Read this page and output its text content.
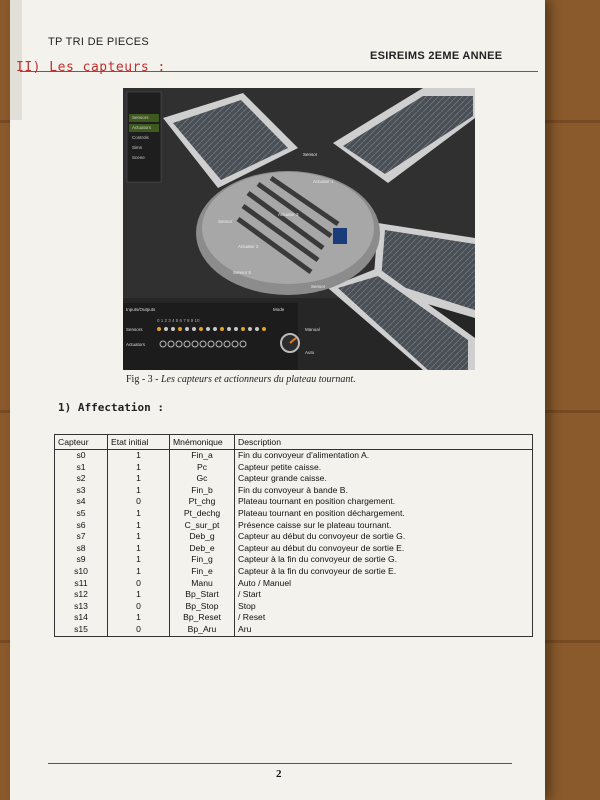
TP TRI DE PIECES
ESIREIMS 2EME ANNEE
II) Les capteurs :
Sensors
Actuators
Controls
Sims
Scene
Sensor
Actuator 1
Actuator 3
Actuator 2
Sensor
Sensor 5
Sensor
Inputs/Outputs
0 1 2 3 4 5 6 7 8 9 10
Sensors
Actuators
Mode
Manual
Auto
Fig - 3 - Les capteurs et actionneurs du plateau tournant.
1) Affectation :
Capteur	Etat initial	Mnémonique	Description
s0	1	Fin_a	Fin du convoyeur d'alimentation A.
s1	1	Pc	Capteur petite caisse.
s2	1	Gc	Capteur grande caisse.
s3	1	Fin_b	Fin du convoyeur à bande B.
s4	0	Pt_chg	Plateau tournant en position chargement.
s5	1	Pt_dechg	Plateau tournant en position déchargement.
s6	1	C_sur_pt	Présence caisse sur le plateau tournant.
s7	1	Deb_g	Capteur au début du convoyeur de sortie G.
s8	1	Deb_e	Capteur au début du convoyeur de sortie E.
s9	1	Fin_g	Capteur à la fin du convoyeur de sortie G.
s10	1	Fin_e	Capteur à la fin du convoyeur de sortie E.
s11	0	Manu	Auto / Manuel
s12	1	Bp_Start	/ Start
s13	0	Bp_Stop	Stop
s14	1	Bp_Reset	/ Reset
s15	0	Bp_Aru	Aru
2
